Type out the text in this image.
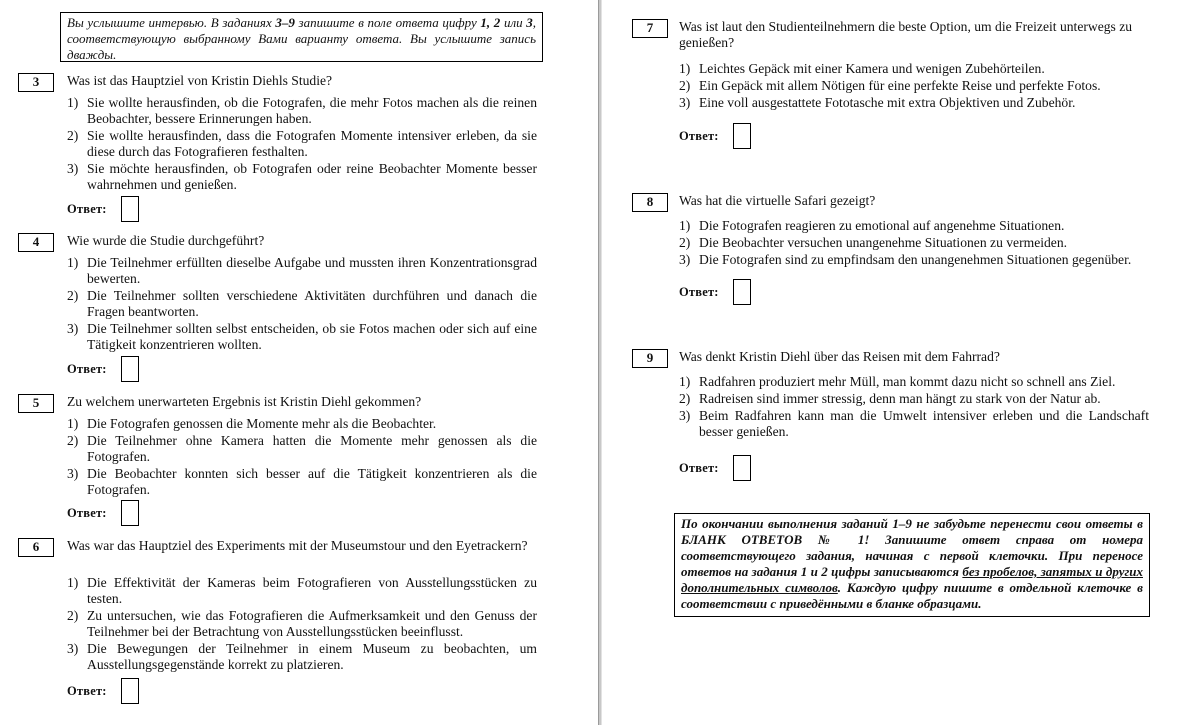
Вы услышите интервью. В заданиях 3–9 запишите в поле ответа цифру 1, 2 или 3, соответствующую выбранному Вами варианту ответа. Вы услышите запись дважды.
3	Was ist das Hauptziel von Kristin Diehls Studie?
1) Sie wollte herausfinden, ob die Fotografen, die mehr Fotos machen als die reinen Beobachter, bessere Erinnerungen haben.
2) Sie wollte herausfinden, dass die Fotografen Momente intensiver erleben, da sie diese durch das Fotografieren festhalten.
3) Sie möchte herausfinden, ob Fotografen oder reine Beobachter Momente besser wahrnehmen und genießen.
Ответ:
4	Wie wurde die Studie durchgeführt?
1) Die Teilnehmer erfüllten dieselbe Aufgabe und mussten ihren Konzentrationsgrad bewerten.
2) Die Teilnehmer sollten verschiedene Aktivitäten durchführen und danach die Fragen beantworten.
3) Die Teilnehmer sollten selbst entscheiden, ob sie Fotos machen oder sich auf eine Tätigkeit konzentrieren wollten.
Ответ:
5	Zu welchem unerwarteten Ergebnis ist Kristin Diehl gekommen?
1) Die Fotografen genossen die Momente mehr als die Beobachter.
2) Die Teilnehmer ohne Kamera hatten die Momente mehr genossen als die Fotografen.
3) Die Beobachter konnten sich besser auf die Tätigkeit konzentrieren als die Fotografen.
Ответ:
6	Was war das Hauptziel des Experiments mit der Museumstour und den Eyetrackern?
1) Die Effektivität der Kameras beim Fotografieren von Ausstellungsstücken zu testen.
2) Zu untersuchen, wie das Fotografieren die Aufmerksamkeit und den Genuss der Teilnehmer bei der Betrachtung von Ausstellungsstücken beeinflusst.
3) Die Bewegungen der Teilnehmer in einem Museum zu beobachten, um Ausstellungsgegenstände korrekt zu platzieren.
Ответ:
7	Was ist laut den Studienteilnehmern die beste Option, um die Freizeit unterwegs zu genießen?
1) Leichtes Gepäck mit einer Kamera und wenigen Zubehörteilen.
2) Ein Gepäck mit allem Nötigen für eine perfekte Reise und perfekte Fotos.
3) Eine voll ausgestattete Fototasche mit extra Objektiven und Zubehör.
Ответ:
8	Was hat die virtuelle Safari gezeigt?
1) Die Fotografen reagieren zu emotional auf angenehme Situationen.
2) Die Beobachter versuchen unangenehme Situationen zu vermeiden.
3) Die Fotografen sind zu empfindsam den unangenehmen Situationen gegenüber.
Ответ:
9	Was denkt Kristin Diehl über das Reisen mit dem Fahrrad?
1) Radfahren produziert mehr Müll, man kommt dazu nicht so schnell ans Ziel.
2) Radreisen sind immer stressig, denn man hängt zu stark von der Natur ab.
3) Beim Radfahren kann man die Umwelt intensiver erleben und die Landschaft besser genießen.
Ответ:
По окончании выполнения заданий 1–9 не забудьте перенести свои ответы в БЛАНК ОТВЕТОВ № 1! Запишите ответ справа от номера соответствующего задания, начиная с первой клеточки. При переносе ответов на задания 1 и 2 цифры записываются без пробелов, запятых и других дополнительных символов. Каждую цифру пишите в отдельной клеточке в соответствии с приведёнными в бланке образцами.
